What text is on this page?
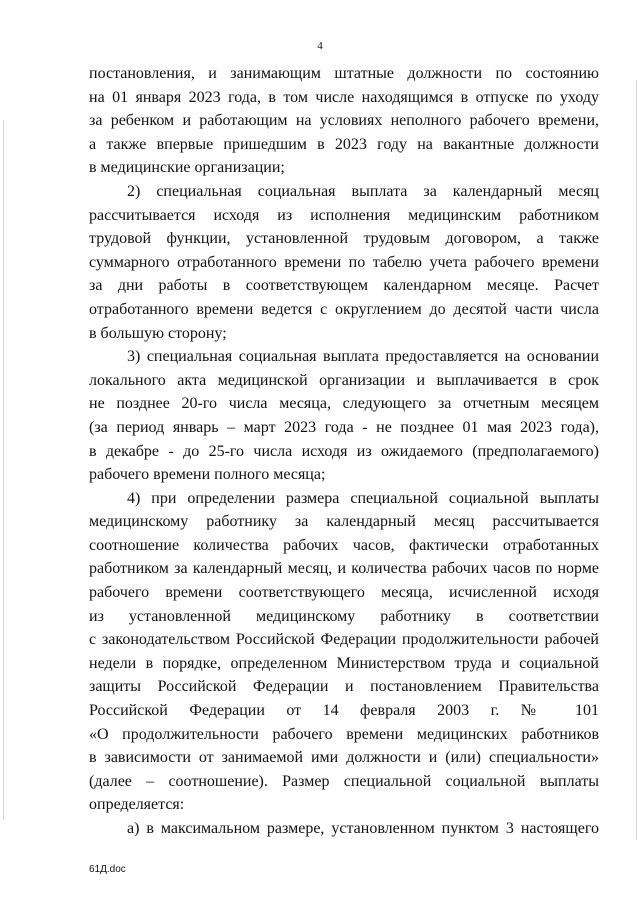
4
постановления, и занимающим штатные должности по состоянию
на 01 января 2023 года, в том числе находящимся в отпуске по уходу
за ребенком и работающим на условиях неполного рабочего времени,
а также впервые пришедшим в 2023 году на вакантные должности
в медицинские организации;
2) специальная социальная выплата за календарный месяц
рассчитывается исходя из исполнения медицинским работником
трудовой функции, установленной трудовым договором, а также
суммарного отработанного времени по табелю учета рабочего времени
за дни работы в соответствующем календарном месяце. Расчет
отработанного времени ведется с округлением до десятой части числа
в большую сторону;
3) специальная социальная выплата предоставляется на основании
локального акта медицинской организации и выплачивается в срок
не позднее 20-го числа месяца, следующего за отчетным месяцем
(за период январь – март 2023 года - не позднее 01 мая 2023 года),
в декабре - до 25-го числа исходя из ожидаемого (предполагаемого)
рабочего времени полного месяца;
4) при определении размера специальной социальной выплаты
медицинскому работнику за календарный месяц рассчитывается
соотношение количества рабочих часов, фактически отработанных
работником за календарный месяц, и количества рабочих часов по норме
рабочего времени соответствующего месяца, исчисленной исходя
из установленной медицинскому работнику в соответствии
с законодательством Российской Федерации продолжительности рабочей
недели в порядке, определенном Министерством труда и социальной
защиты Российской Федерации и постановлением Правительства
Российской Федерации от 14 февраля 2003 г. № 101
«О продолжительности рабочего времени медицинских работников
в зависимости от занимаемой ими должности и (или) специальности»
(далее – соотношение). Размер специальной социальной выплаты
определяется:
а) в максимальном размере, установленном пунктом 3 настоящего
61Д.doc
